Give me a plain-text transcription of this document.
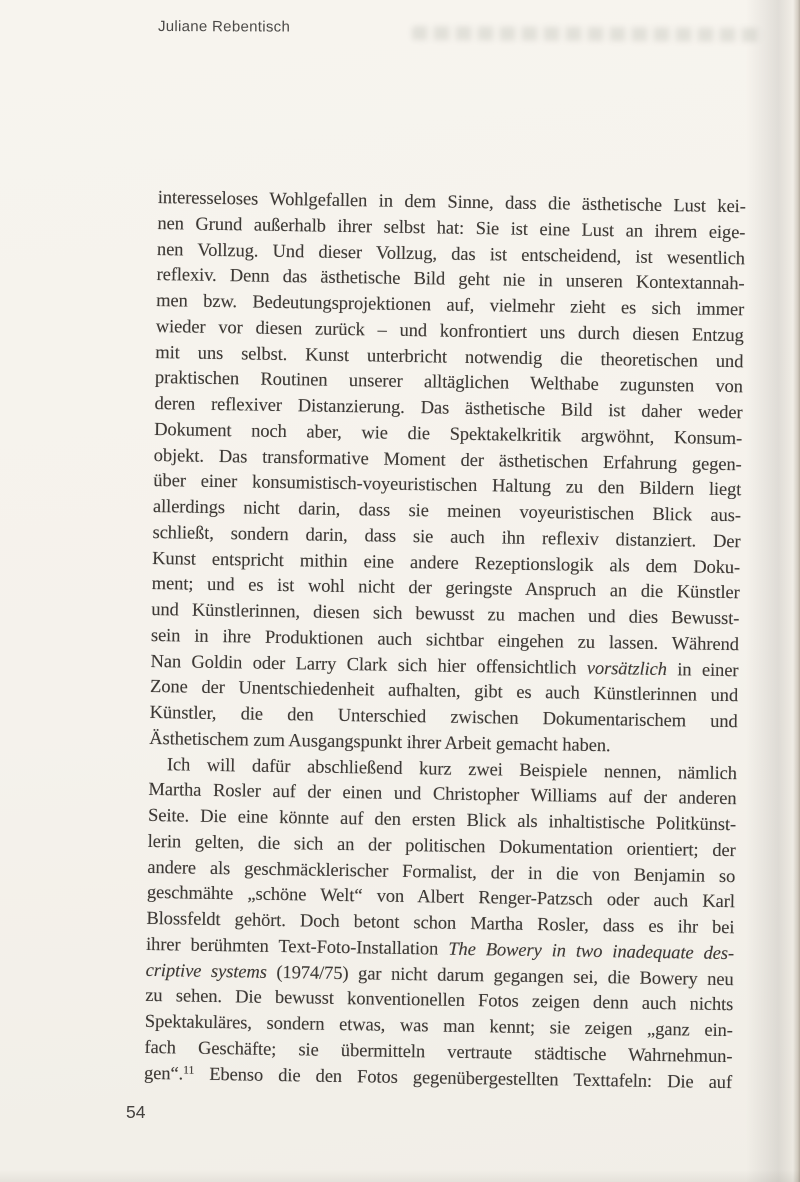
Juliane Rebentisch
interesseloses Wohlgefallen in dem Sinne, dass die ästhetische Lust kei-
nen Grund außerhalb ihrer selbst hat: Sie ist eine Lust an ihrem eige-
nen Vollzug. Und dieser Vollzug, das ist entscheidend, ist wesentlich
reflexiv. Denn das ästhetische Bild geht nie in unseren Kontextannah-
men bzw. Bedeutungsprojektionen auf, vielmehr zieht es sich immer
wieder vor diesen zurück – und konfrontiert uns durch diesen Entzug
mit uns selbst. Kunst unterbricht notwendig die theoretischen und
praktischen Routinen unserer alltäglichen Welthabe zugunsten von
deren reflexiver Distanzierung. Das ästhetische Bild ist daher weder
Dokument noch aber, wie die Spektakelkritik argwöhnt, Konsum-
objekt. Das transformative Moment der ästhetischen Erfahrung gegen-
über einer konsumistisch-voyeuristischen Haltung zu den Bildern liegt
allerdings nicht darin, dass sie meinen voyeuristischen Blick aus-
schließt, sondern darin, dass sie auch ihn reflexiv distanziert. Der
Kunst entspricht mithin eine andere Rezeptionslogik als dem Doku-
ment; und es ist wohl nicht der geringste Anspruch an die Künstler
und Künstlerinnen, diesen sich bewusst zu machen und dies Bewusst-
sein in ihre Produktionen auch sichtbar eingehen zu lassen. Während
Nan Goldin oder Larry Clark sich hier offensichtlich vorsätzlich in einer
Zone der Unentschiedenheit aufhalten, gibt es auch Künstlerinnen und
Künstler, die den Unterschied zwischen Dokumentarischem und
Ästhetischem zum Ausgangspunkt ihrer Arbeit gemacht haben.
Ich will dafür abschließend kurz zwei Beispiele nennen, nämlich
Martha Rosler auf der einen und Christopher Williams auf der anderen
Seite. Die eine könnte auf den ersten Blick als inhaltistische Politkünst-
lerin gelten, die sich an der politischen Dokumentation orientiert; der
andere als geschmäcklerischer Formalist, der in die von Benjamin so
geschmähte „schöne Welt“ von Albert Renger-Patzsch oder auch Karl
Blossfeldt gehört. Doch betont schon Martha Rosler, dass es ihr bei
ihrer berühmten Text-Foto-Installation The Bowery in two inadequate des-
criptive systems (1974/75) gar nicht darum gegangen sei, die Bowery neu
zu sehen. Die bewusst konventionellen Fotos zeigen denn auch nichts
Spektakuläres, sondern etwas, was man kennt; sie zeigen „ganz ein-
fach Geschäfte; sie übermitteln vertraute städtische Wahrnehmun-
gen“.$^{11}$ Ebenso die den Fotos gegenübergestellten Texttafeln: Die auf
54
